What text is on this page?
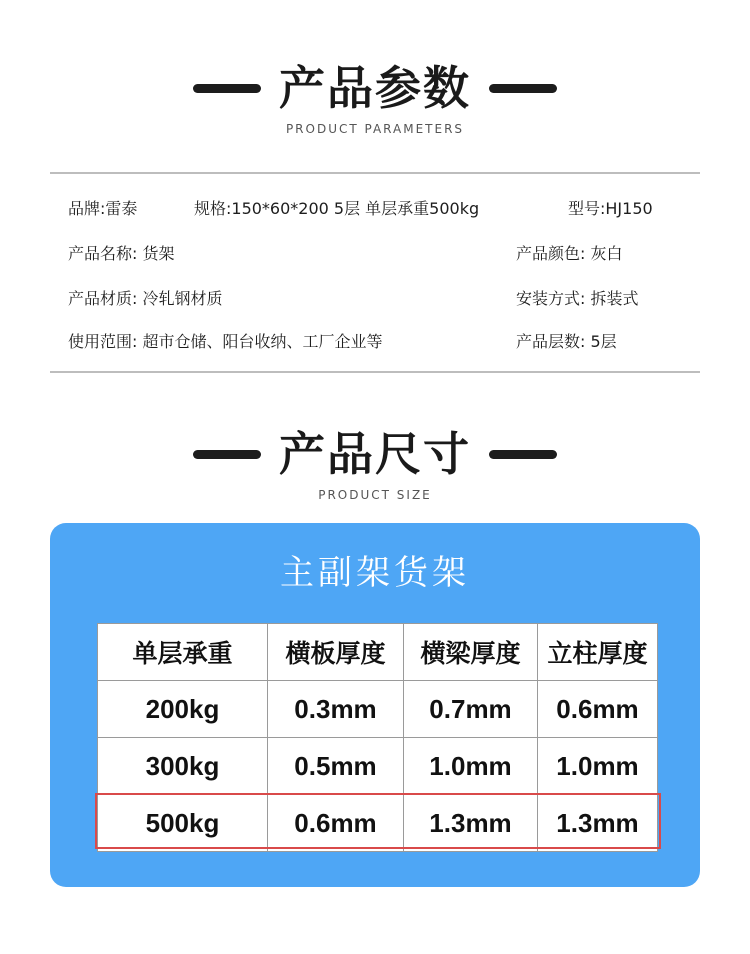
产品参数
PRODUCT PARAMETERS
品牌:雷泰	规格:150*60*200 5层 单层承重500kg	型号:HJ150
产品名称: 货架	产品颜色: 灰白
产品材质: 冷轧钢材质	安装方式: 拆装式
使用范围: 超市仓储、阳台收纳、工厂企业等	产品层数: 5层
产品尺寸
PRODUCT SIZE
主副架货架
单层承重	横板厚度	横梁厚度	立柱厚度
200kg	0.3mm	0.7mm	0.6mm
300kg	0.5mm	1.0mm	1.0mm
500kg	0.6mm	1.3mm	1.3mm
